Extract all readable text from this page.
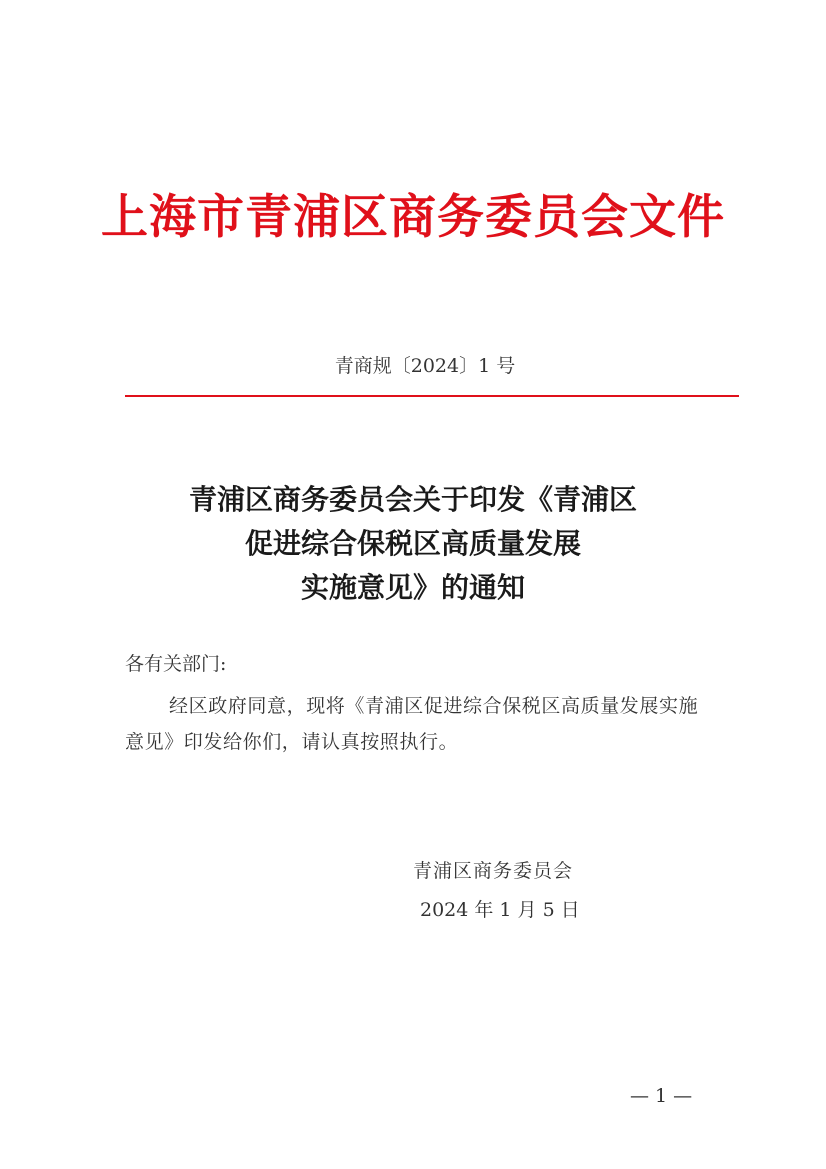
上海市青浦区商务委员会文件
青商规〔2024〕1 号
青浦区商务委员会关于印发《青浦区
促进综合保税区高质量发展
实施意见》的通知
各有关部门:
经区政府同意，现将《青浦区促进综合保税区高质量发展实施意见》印发给你们，请认真按照执行。
青浦区商务委员会
2024 年 1 月 5 日
— 1 —
